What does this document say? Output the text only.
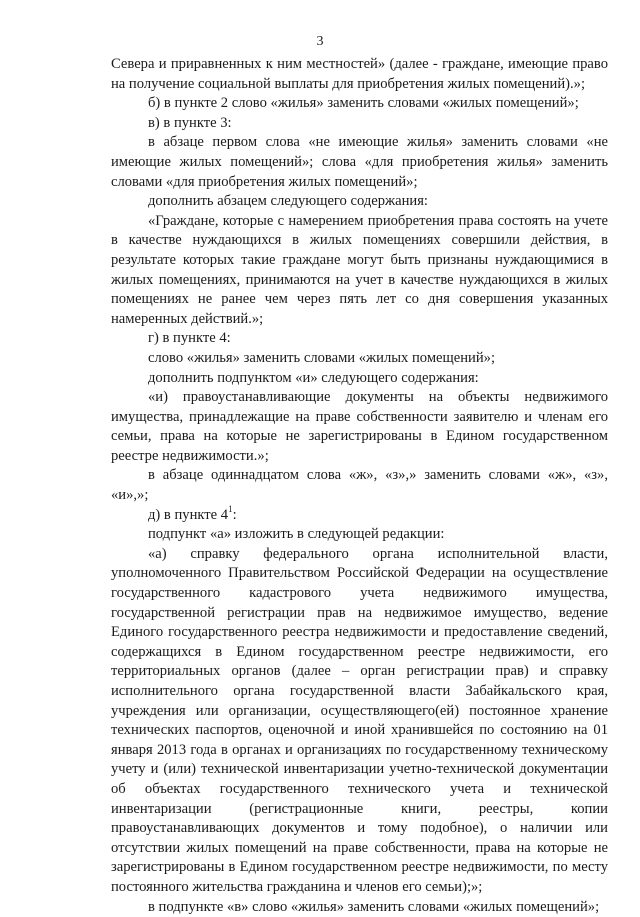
3

Севера и приравненных к ним местностей» (далее - граждане, имеющие право на получение социальной выплаты для приобретения жилых помещений).»;

б) в пункте 2 слово «жилья» заменить словами «жилых помещений»;

в) в пункте 3:

в абзаце первом слова «не имеющие жилья» заменить словами «не имеющие жилых помещений»; слова «для приобретения жилья» заменить словами «для приобретения жилых помещений»;

дополнить абзацем следующего содержания:

«Граждане, которые с намерением приобретения права состоять на учете в качестве нуждающихся в жилых помещениях совершили действия, в результате которых такие граждане могут быть признаны нуждающимися в жилых помещениях, принимаются на учет в качестве нуждающихся в жилых помещениях не ранее чем через пять лет со дня совершения указанных намеренных действий.»;

г) в пункте 4:

слово «жилья» заменить словами «жилых помещений»;

дополнить подпунктом «и» следующего содержания:

«и) правоустанавливающие документы на объекты недвижимого имущества, принадлежащие на праве собственности заявителю и членам его семьи, права на которые не зарегистрированы в Едином государственном реестре недвижимости.»;

в абзаце одиннадцатом слова «ж», «з»,» заменить словами «ж», «з», «и»,»;

д) в пункте $4^1$:

подпункт «а» изложить в следующей редакции:

«а) справку федерального органа исполнительной власти, уполномоченного Правительством Российской Федерации на осуществление государственного кадастрового учета недвижимого имущества, государственной регистрации прав на недвижимое имущество, ведение Единого государственного реестра недвижимости и предоставление сведений, содержащихся в Едином государственном реестре недвижимости, его территориальных органов (далее – орган регистрации прав) и справку исполнительного органа государственной власти Забайкальского края, учреждения или организации, осуществляющего(ей) постоянное хранение технических паспортов, оценочной и иной хранившейся по состоянию на 01 января 2013 года в органах и организациях по государственному техническому учету и (или) технической инвентаризации учетно-технической документации об объектах государственного технического учета и технической инвентаризации (регистрационные книги, реестры, копии правоустанавливающих документов и тому подобное), о наличии или отсутствии жилых помещений на праве собственности, права на которые не зарегистрированы в Едином государственном реестре недвижимости, по месту постоянного жительства гражданина и членов его семьи);»;

в подпункте «в» слово «жилья» заменить словами «жилых помещений»;
